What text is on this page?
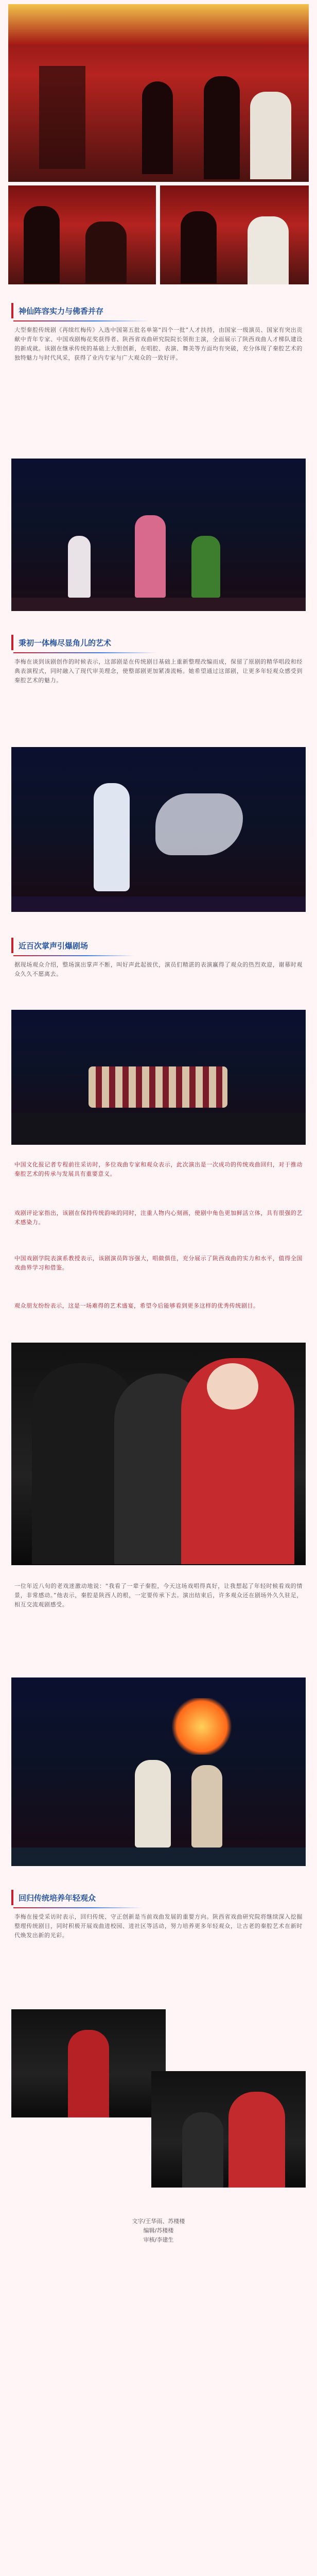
神仙阵容实力与佛香并存

大型秦腔传统剧《再续红梅传》入选中国第五批名单第“四个一批”人才扶持，由国家一级演员、国家有突出贡献中青年专家、中国戏剧梅花奖获得者、陕西省戏曲研究院院长领衔主演，全面展示了陕西戏曲人才梯队建设的新成就。该剧在继承传统的基础上大胆创新，在唱腔、表演、舞美等方面均有突破，充分体现了秦腔艺术的独特魅力与时代风采，获得了业内专家与广大观众的一致好评。

秉初一体梅尽显角儿的艺术

李梅在谈到该剧创作的时候表示，这部剧是在传统剧目基础上重新整理改编而成，保留了原剧的精华唱段和经典表演程式，同时融入了现代审美理念，使整部剧更加紧凑流畅。她希望通过这部剧，让更多年轻观众感受到秦腔艺术的魅力。

近百次掌声引爆剧场

据现场观众介绍，整场演出掌声不断，叫好声此起彼伏，演员们精湛的表演赢得了观众的热烈欢迎，谢幕时观众久久不愿离去。

中国文化报记者专程前往采访时，多位戏曲专家和观众表示，此次演出是一次成功的传统戏曲回归，对于推动秦腔艺术的传承与发展具有重要意义。

戏剧评论家指出，该剧在保持传统韵味的同时，注重人物内心刻画，使剧中角色更加鲜活立体，具有很强的艺术感染力。

中国戏剧学院表演系教授表示，该剧演员阵容强大，唱做俱佳，充分展示了陕西戏曲的实力和水平，值得全国戏曲界学习和借鉴。

观众朋友纷纷表示，这是一场难得的艺术盛宴，希望今后能够看到更多这样的优秀传统剧目。

一位年近八旬的老戏迷激动地说：“我看了一辈子秦腔，今天这场戏唱得真好，让我想起了年轻时候看戏的情景，非常感动。”他表示，秦腔是陕西人的根，一定要传承下去。演出结束后，许多观众还在剧场外久久驻足，相互交流观剧感受。

回归传统培养年轻观众

李梅在接受采访时表示，回归传统、守正创新是当前戏曲发展的重要方向。陕西省戏曲研究院将继续深入挖掘整理传统剧目，同时积极开展戏曲进校园、进社区等活动，努力培养更多年轻观众，让古老的秦腔艺术在新时代焕发出新的光彩。

文字/王华雨、苏楼楼
编辑/苏楼楼
审核/李建生
